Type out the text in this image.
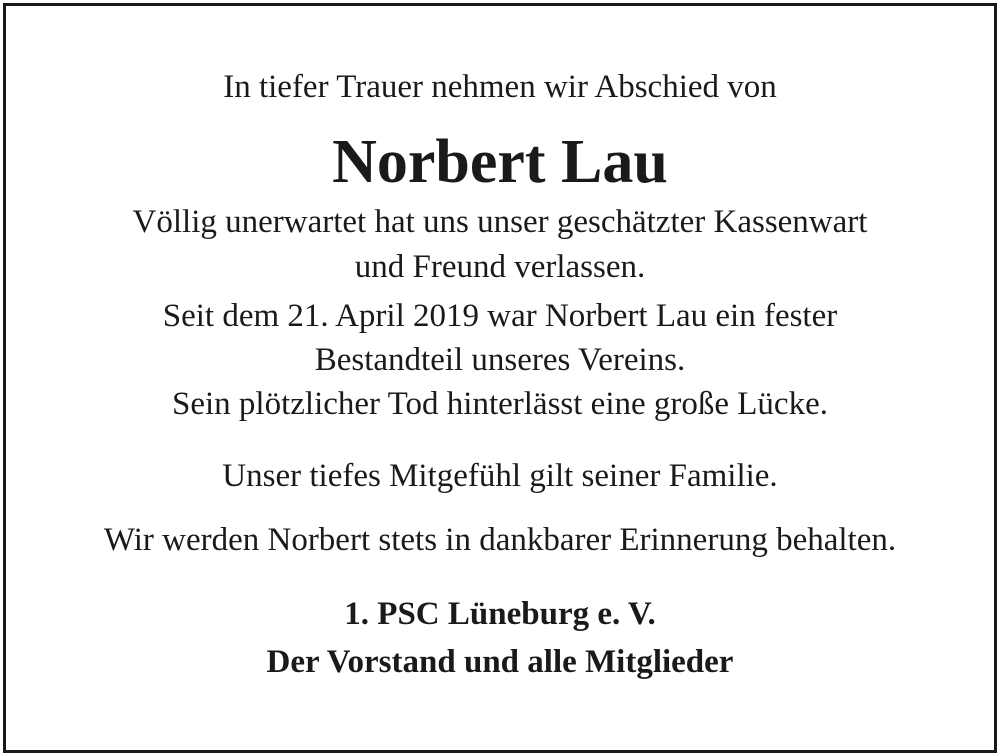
In tiefer Trauer nehmen wir Abschied von
Norbert Lau
Völlig unerwartet hat uns unser geschätzter Kassenwart
und Freund verlassen.
Seit dem 21. April 2019 war Norbert Lau ein fester
Bestandteil unseres Vereins.
Sein plötzlicher Tod hinterlässt eine große Lücke.
Unser tiefes Mitgefühl gilt seiner Familie.
Wir werden Norbert stets in dankbarer Erinnerung behalten.
1. PSC Lüneburg e. V.
Der Vorstand und alle Mitglieder
